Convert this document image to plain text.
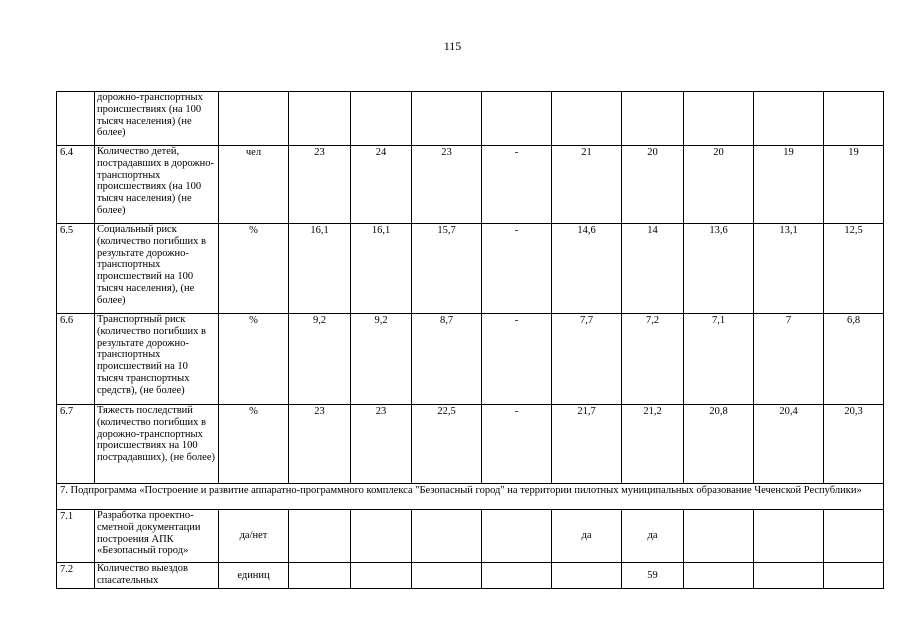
115
	дорожно-транспортных происшествиях (на 100 тысяч населения) (не более)										
6.4	Количество детей, пострадавших в дорожно-транспортных происшествиях (на 100 тысяч населения) (не более)	чел	23	24	23	-	21	20	20	19	19
6.5	Социальный риск (количество погибших в результате дорожно-транспортных происшествий на 100 тысяч населения), (не более)	%	16,1	16,1	15,7	-	14,6	14	13,6	13,1	12,5
6.6	Транспортный риск (количество погибших в результате дорожно-транспортных происшествий на 10 тысяч транспортных средств), (не более)	%	9,2	9,2	8,7	-	7,7	7,2	7,1	7	6,8
6.7	Тяжесть последствий (количество погибших в дорожно-транспортных происшествиях на 100 пострадавших), (не более)	%	23	23	22,5	-	21,7	21,2	20,8	20,4	20,3
7. Подпрограмма «Построение и развитие аппаратно-программного комплекса "Безопасный город" на территории пилотных муниципальных образование Чеченской Республики»											
7.1	Разработка проектно-сметной документации построения АПК «Безопасный город»	да/нет					да	да			
7.2	Количество выездов спасательных	единиц						59			
